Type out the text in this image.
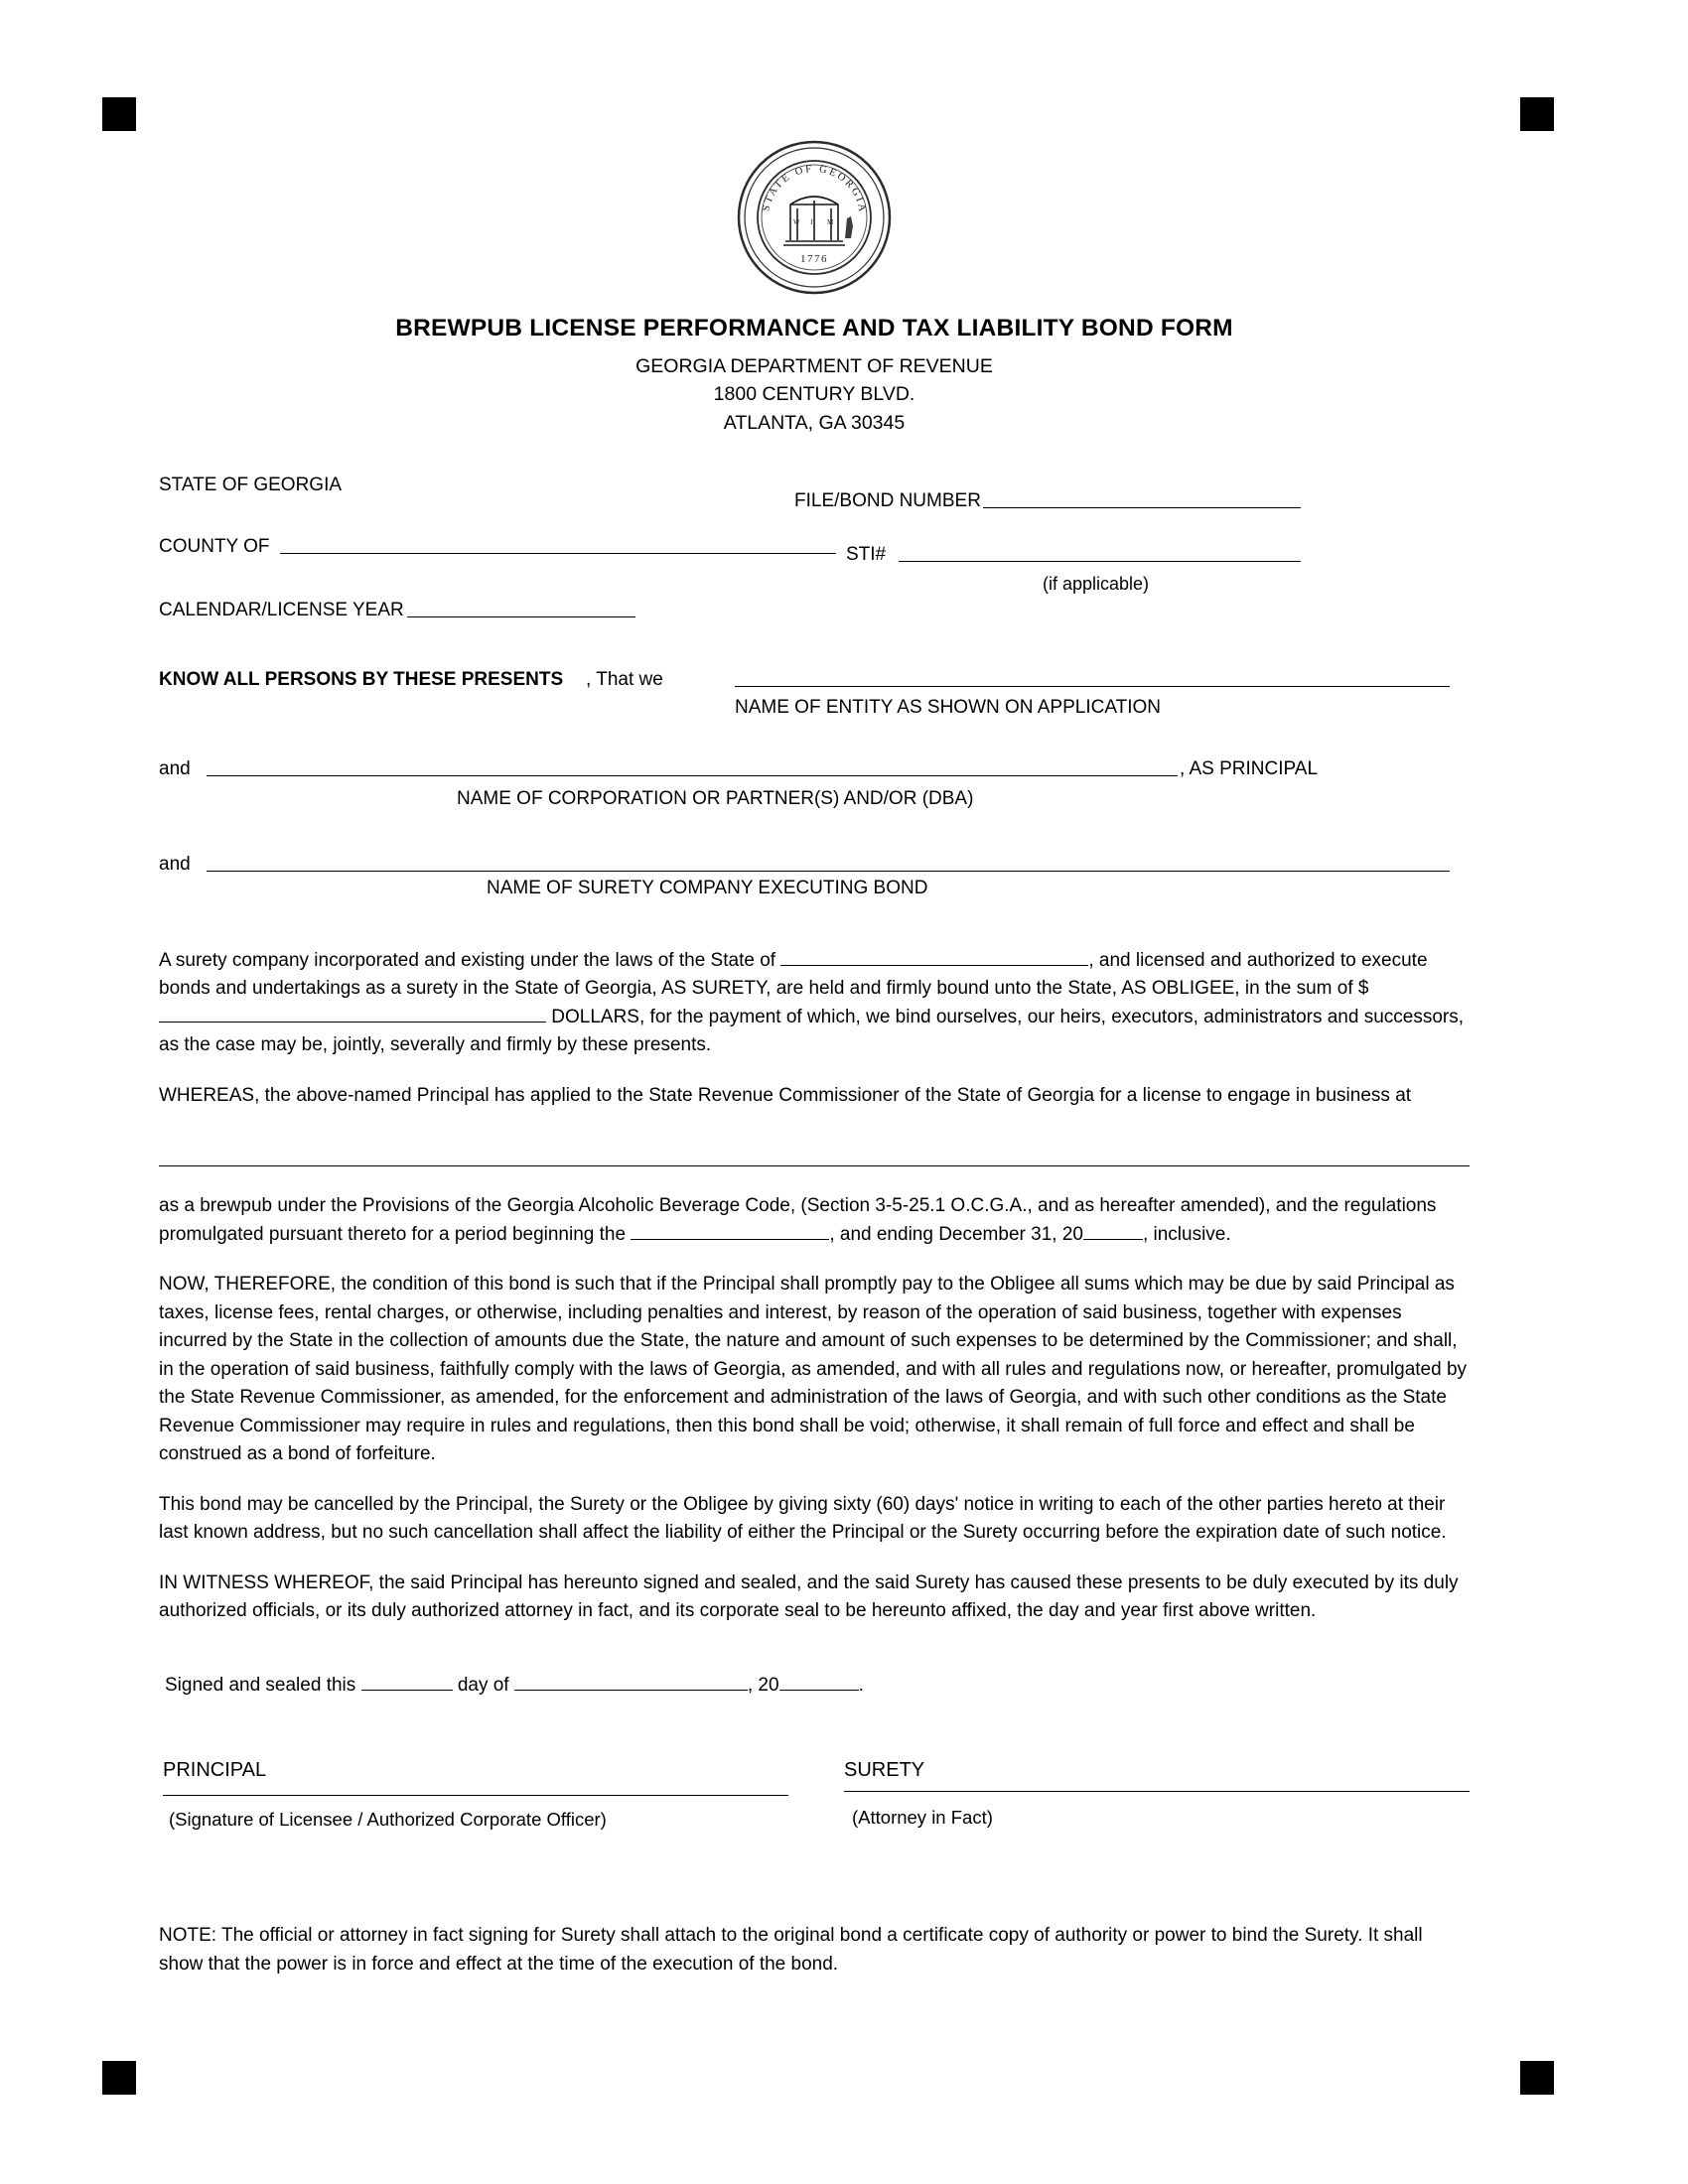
STATE OF GEORGIA
W J M
1776
BREWPUB LICENSE PERFORMANCE AND TAX LIABILITY BOND FORM
GEORGIA DEPARTMENT OF REVENUE
1800 CENTURY BLVD.
ATLANTA, GA 30345
STATE OF GEORGIA
FILE/BOND NUMBER
COUNTY OF	STI#
(if applicable)
CALENDAR/LICENSE YEAR
KNOW ALL PERSONS BY THESE PRESENTS , That we
NAME OF ENTITY AS SHOWN ON APPLICATION
and	, AS PRINCIPAL
NAME OF CORPORATION OR PARTNER(S) AND/OR (DBA)
and
NAME OF SURETY COMPANY EXECUTING BOND

A surety company incorporated and existing under the laws of the State of	, and licensed and authorized to execute bonds and undertakings as a surety in the State of Georgia, AS SURETY, are held and firmly bound unto the State, AS OBLIGEE, in the sum of $  DOLLARS, for the payment of which, we bind ourselves, our heirs, executors, administrators and successors, as the case may be, jointly, severally and firmly by these presents.

WHEREAS, the above-named Principal has applied to the State Revenue Commissioner of the State of Georgia for a license to engage in business at

as a brewpub under the Provisions of the Georgia Alcoholic Beverage Code, (Section 3-5-25.1 O.C.G.A., and as hereafter amended), and the regulations promulgated pursuant thereto for a period beginning the	, and ending December 31, 20	, inclusive.

NOW, THEREFORE, the condition of this bond is such that if the Principal shall promptly pay to the Obligee all sums which may be due by said Principal as taxes, license fees, rental charges, or otherwise, including penalties and interest, by reason of the operation of said business, together with expenses incurred by the State in the collection of amounts due the State, the nature and amount of such expenses to be determined by the Commissioner; and shall, in the operation of said business, faithfully comply with the laws of Georgia, as amended, and with all rules and regulations now, or hereafter, promulgated by the State Revenue Commissioner, as amended, for the enforcement and administration of the laws of Georgia, and with such other conditions as the State Revenue Commissioner may require in rules and regulations, then this bond shall be void; otherwise, it shall remain of full force and effect and shall be construed as a bond of forfeiture.

This bond may be cancelled by the Principal, the Surety or the Obligee by giving sixty (60) days' notice in writing to each of the other parties hereto at their last known address, but no such cancellation shall affect the liability of either the Principal or the Surety occurring before the expiration date of such notice.

IN WITNESS WHEREOF, the said Principal has hereunto signed and sealed, and the said Surety has caused these presents to be duly executed by its duly authorized officials, or its duly authorized attorney in fact, and its corporate seal to be hereunto affixed, the day and year first above written.

Signed and sealed this	day of	, 20	.

PRINCIPAL	SURETY
(Signature of Licensee / Authorized Corporate Officer)	(Attorney in Fact)

NOTE: The official or attorney in fact signing for Surety shall attach to the original bond a certificate copy of authority or power to bind the Surety. It shall show that the power is in force and effect at the time of the execution of the bond.
